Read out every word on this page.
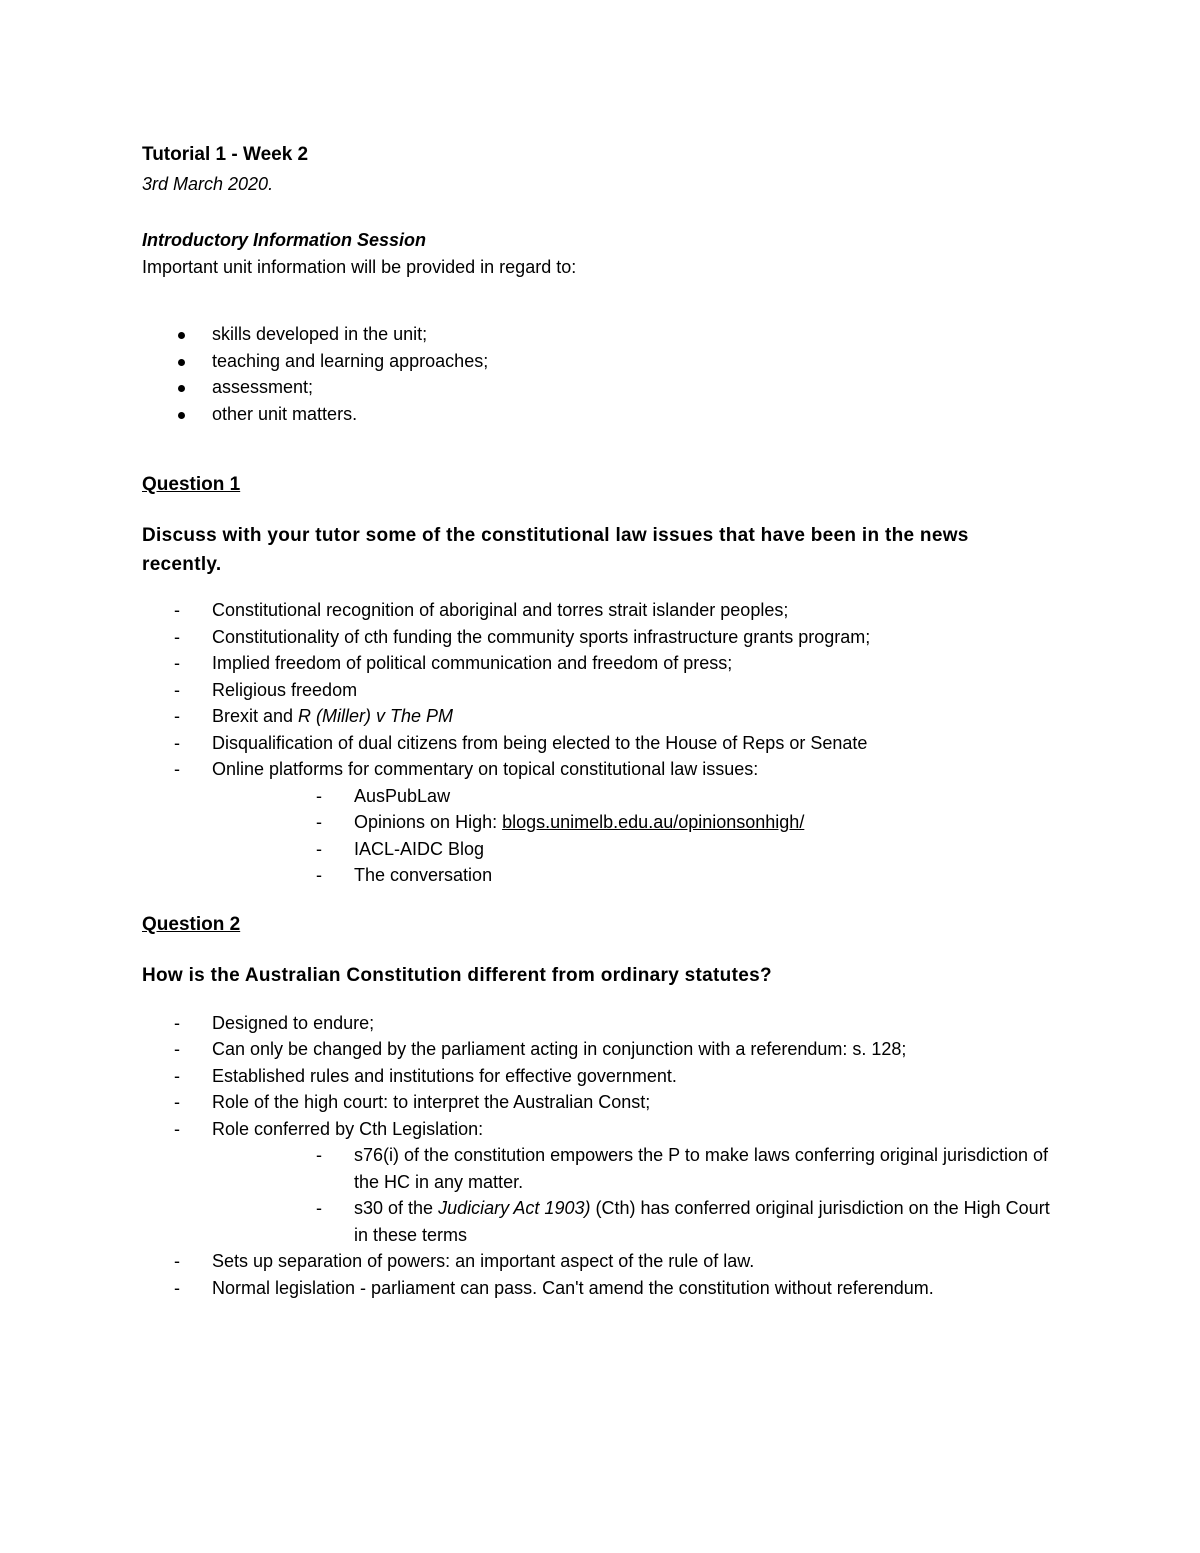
Tutorial 1 - Week 2

3rd March 2020.

Introductory Information Session

Important unit information will be provided in regard to:

skills developed in the unit;
teaching and learning approaches;
assessment;
other unit matters.

Question 1

Discuss with your tutor some of the constitutional law issues that have been in the news

recently.

- Constitutional recognition of aboriginal and torres strait islander peoples;
- Constitutionality of cth funding the community sports infrastructure grants program;
- Implied freedom of political communication and freedom of press;
- Religious freedom
- Brexit and R (Miller) v The PM
- Disqualification of dual citizens from being elected to the House of Reps or Senate
- Online platforms for commentary on topical constitutional law issues:
- AusPubLaw
- Opinions on High: blogs.unimelb.edu.au/opinionsonhigh/
- IACL-AIDC Blog
- The conversation

Question 2

How is the Australian Constitution different from ordinary statutes?

- Designed to endure;
- Can only be changed by the parliament acting in conjunction with a referendum: s. 128;
- Established rules and institutions for effective government.
- Role of the high court: to interpret the Australian Const;
- Role conferred by Cth Legislation:
- s76(i) of the constitution empowers the P to make laws conferring original jurisdiction of
the HC in any matter.
- s30 of the Judiciary Act 1903) (Cth) has conferred original jurisdiction on the High Court
in these terms
- Sets up separation of powers: an important aspect of the rule of law.
- Normal legislation - parliament can pass. Can't amend the constitution without referendum.
